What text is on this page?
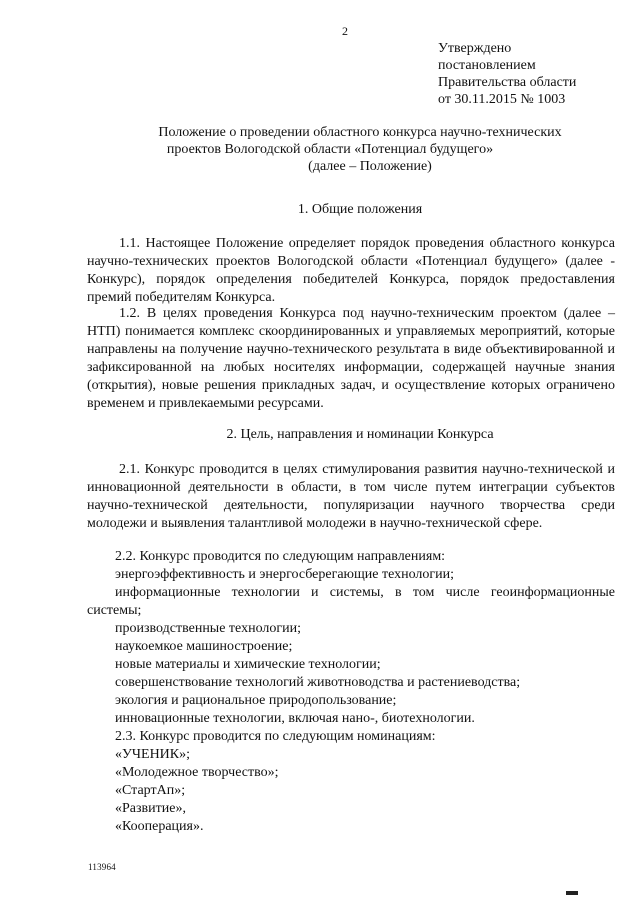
2
Утверждено
постановлением
Правительства области
от 30.11.2015 № 1003
Положение о проведении областного конкурса научно-технических
проектов Вологодской области «Потенциал будущего»
(далее – Положение)
1. Общие положения
1.1. Настоящее Положение определяет порядок проведения областного конкурса научно-технических проектов Вологодской области «Потенциал будущего» (далее - Конкурс), порядок определения победителей Конкурса, порядок предоставления премий победителям Конкурса.
1.2. В целях проведения Конкурса под научно-техническим проектом (далее – НТП) понимается комплекс скоординированных и управляемых мероприятий, которые направлены на получение научно-технического результата в виде объективированной и зафиксированной на любых носителях информации, содержащей научные знания (открытия), новые решения прикладных задач, и осуществление которых ограничено временем и привлекаемыми ресурсами.
2. Цель, направления и номинации Конкурса
2.1. Конкурс проводится в целях стимулирования развития научно-технической и инновационной деятельности в области, в том числе путем интеграции субъектов научно-технической деятельности, популяризации научного творчества среди молодежи и выявления талантливой молодежи в научно-технической сфере.
2.2. Конкурс проводится по следующим направлениям:
энергоэффективность и энергосберегающие технологии;
информационные технологии и системы, в том числе геоинформационные системы;
производственные технологии;
наукоемкое машиностроение;
новые материалы и химические технологии;
совершенствование технологий животноводства и растениеводства;
экология и рациональное природопользование;
инновационные технологии, включая нано-, биотехнологии.
2.3. Конкурс проводится по следующим номинациям:
«УЧЕНИК»;
«Молодежное творчество»;
«СтартАп»;
«Развитие»,
«Кооперация».
113964
